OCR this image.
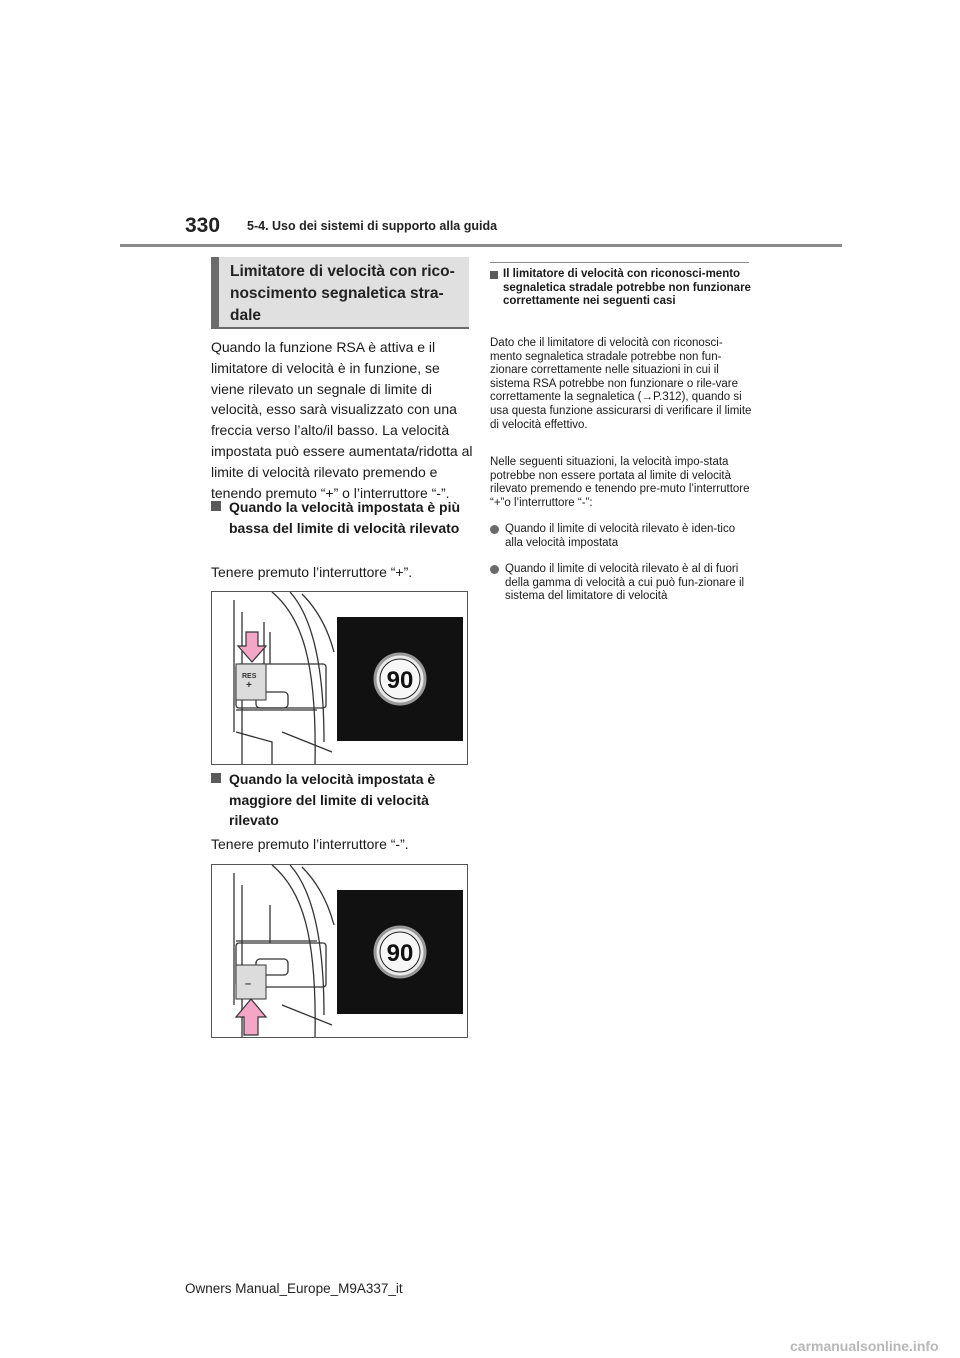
330 5-4. Uso dei sistemi di supporto alla guida
Limitatore di velocità con rico-noscimento segnaletica stra-dale
Quando la funzione RSA è attiva e il limitatore di velocità è in funzione, se viene rilevato un segnale di limite di velocità, esso sarà visualizzato con una freccia verso l’alto/il basso. La velocità impostata può essere aumentata/ridotta al limite di velocità rilevato premendo e tenendo premuto “+” o l’interruttore “-”.
Quando la velocità impostata è più bassa del limite di velocità rilevato
Tenere premuto l’interruttore “+”.
RES
+	90
Quando la velocità impostata è maggiore del limite di velocità rilevato
Tenere premuto l’interruttore “-”.
–
90
Il limitatore di velocità con riconosci-mento segnaletica stradale potrebbe non funzionare correttamente nei seguenti casi
Dato che il limitatore di velocità con riconosci-mento segnaletica stradale potrebbe non fun-zionare correttamente nelle situazioni in cui il sistema RSA potrebbe non funzionare o rile-vare correttamente la segnaletica (→P.312), quando si usa questa funzione assicurarsi di verificare il limite di velocità effettivo.
Nelle seguenti situazioni, la velocità impo-stata potrebbe non essere portata al limite di velocità rilevato premendo e tenendo pre-muto l’interruttore “+”o l’interruttore “-”:
Quando il limite di velocità rilevato è iden-tico alla velocità impostata
Quando il limite di velocità rilevato è al di fuori della gamma di velocità a cui può fun-zionare il sistema del limitatore di velocità
Owners Manual_Europe_M9A337_it
carmanualsonline.info
